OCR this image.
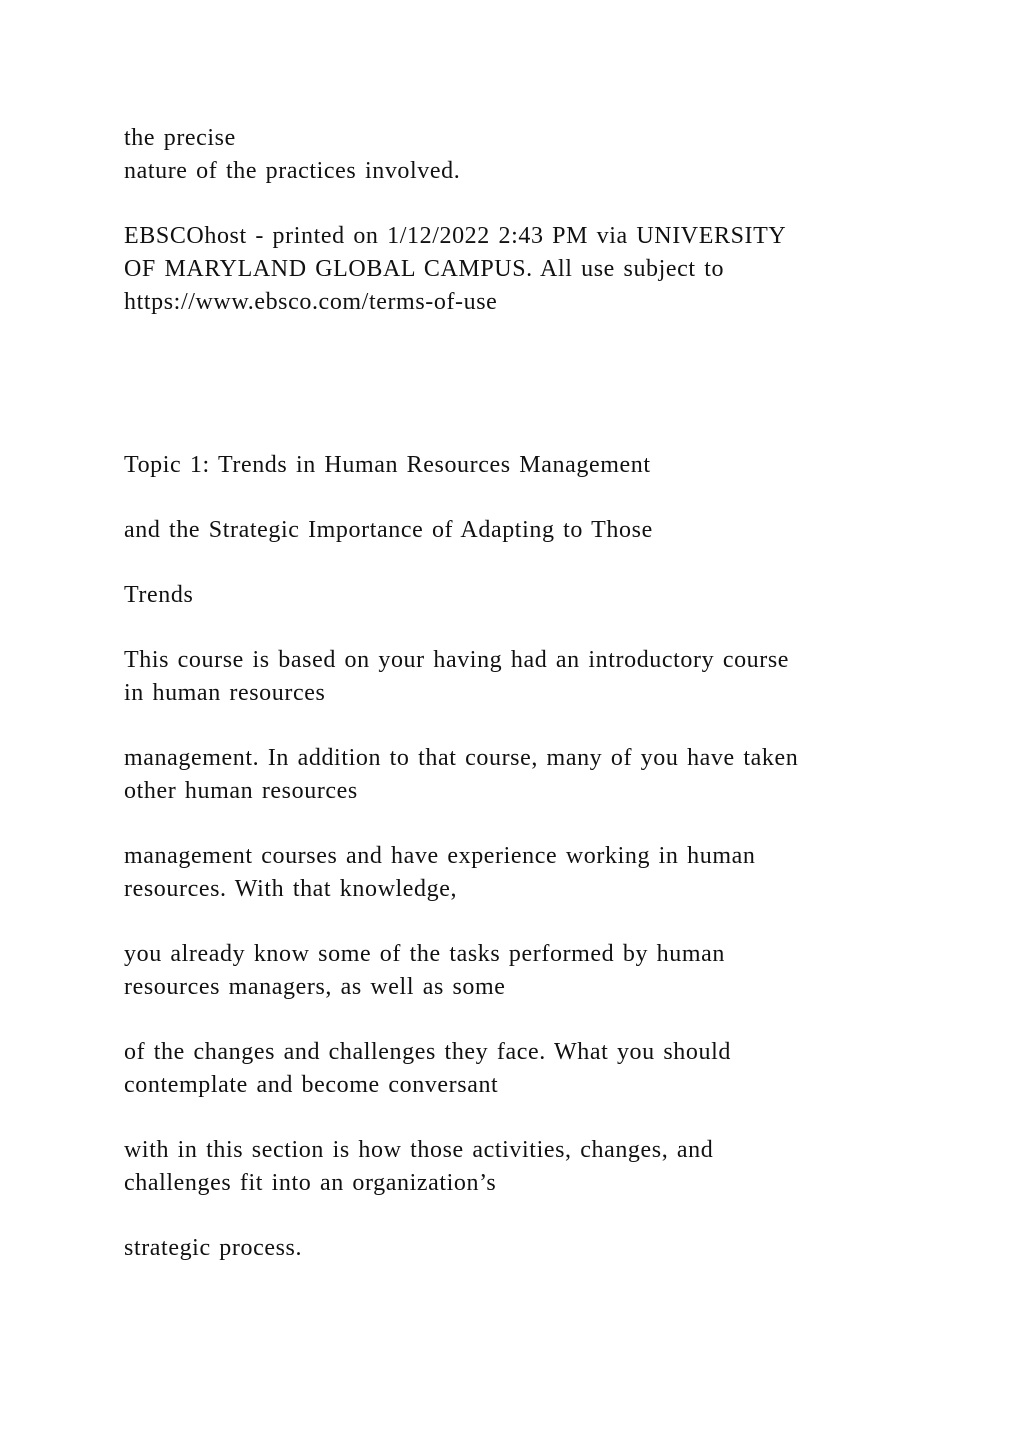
the precise
nature of the practices involved.

EBSCOhost - printed on 1/12/2022 2:43 PM via UNIVERSITY
OF MARYLAND GLOBAL CAMPUS. All use subject to
https://www.ebsco.com/terms-of-use

Topic 1: Trends in Human Resources Management

and the Strategic Importance of Adapting to Those

Trends

This course is based on your having had an introductory course
in human resources

management. In addition to that course, many of you have taken
other human resources

management courses and have experience working in human
resources. With that knowledge,

you already know some of the tasks performed by human
resources managers, as well as some

of the changes and challenges they face. What you should
contemplate and become conversant

with in this section is how those activities, changes, and
challenges fit into an organization’s

strategic process.
